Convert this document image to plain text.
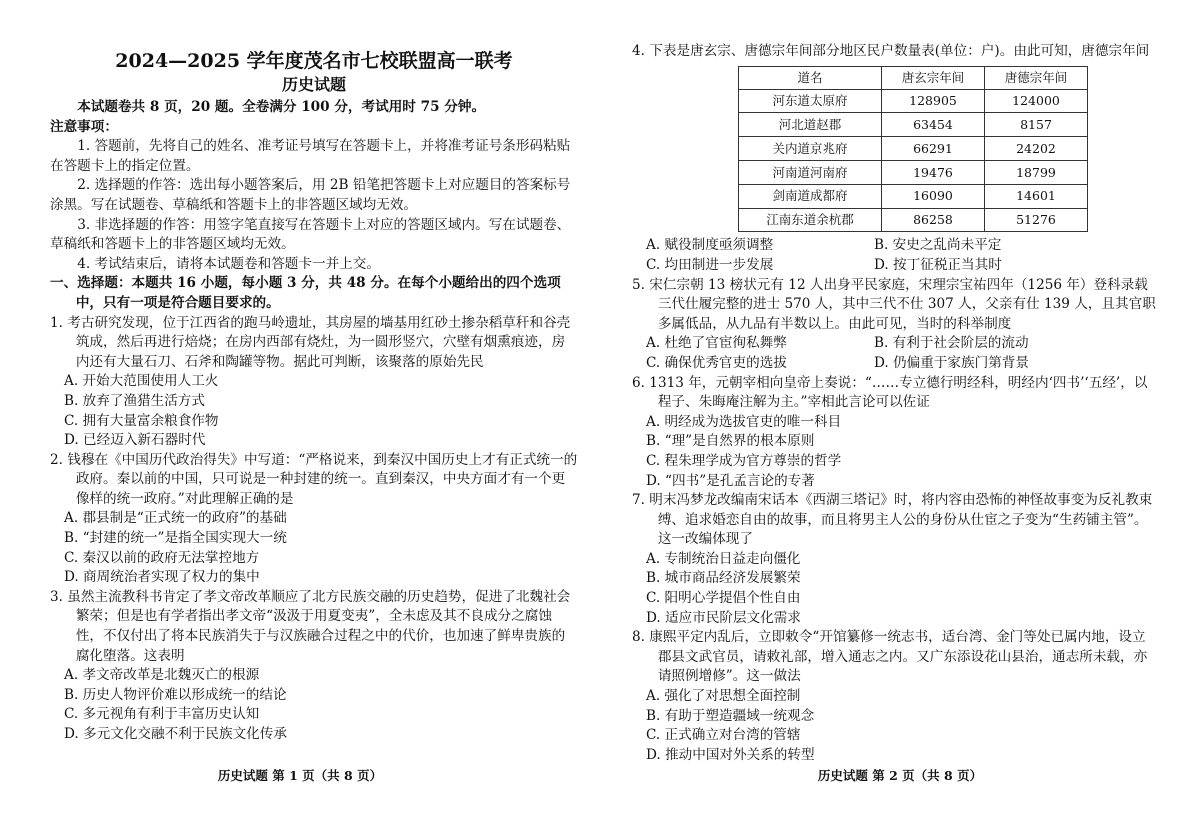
2024—2025 学年度茂名市七校联盟高一联考
历史试题

本试题卷共 8 页，20 题。全卷满分 100 分，考试用时 75 分钟。

注意事项：

1. 答题前，先将自己的姓名、准考证号填写在答题卡上，并将准考证号条形码粘贴在答题卡上的指定位置。

2. 选择题的作答：选出每小题答案后，用 2B 铅笔把答题卡上对应题目的答案标号涂黑。写在试题卷、草稿纸和答题卡上的非答题区域均无效。

3. 非选择题的作答：用签字笔直接写在答题卡上对应的答题区域内。写在试题卷、草稿纸和答题卡上的非答题区域均无效。

4. 考试结束后，请将本试题卷和答题卡一并上交。

一、选择题：本题共 16 小题，每小题 3 分，共 48 分。在每个小题给出的四个选项中，只有一项是符合题目要求的。

1. 考古研究发现，位于江西省的跑马岭遗址，其房屋的墙基用红砂土掺杂稻草秆和谷壳筑成，然后再进行焙烧；在房内西部有烧灶，为一圆形竖穴，穴壁有烟熏痕迹，房内还有大量石刀、石斧和陶罐等物。据此可判断，该聚落的原始先民

A. 开始大范围使用人工火
B. 放弃了渔猎生活方式
C. 拥有大量富余粮食作物
D. 已经迈入新石器时代

2. 钱穆在《中国历代政治得失》中写道：“严格说来，到秦汉中国历史上才有正式统一的政府。秦以前的中国，只可说是一种封建的统一。直到秦汉，中央方面才有一个更像样的统一政府。”对此理解正确的是

A. 郡县制是“正式统一的政府”的基础
B. “封建的统一”是指全国实现大一统
C. 秦汉以前的政府无法掌控地方
D. 商周统治者实现了权力的集中

3. 虽然主流教科书肯定了孝文帝改革顺应了北方民族交融的历史趋势，促进了北魏社会繁荣；但是也有学者指出孝文帝“汲汲于用夏变夷”，全未虑及其不良成分之腐蚀性，不仅付出了将本民族消失于与汉族融合过程之中的代价，也加速了鲜卑贵族的腐化堕落。这表明

A. 孝文帝改革是北魏灭亡的根源
B. 历史人物评价难以形成统一的结论
C. 多元视角有利于丰富历史认知
D. 多元文化交融不利于民族文化传承
历史试题 第 1 页（共 8 页）

4. 下表是唐玄宗、唐德宗年间部分地区民户数量表(单位：户)。由此可知，唐德宗年间

道名	唐玄宗年间	唐德宗年间
河东道太原府	128905	124000
河北道赵郡	63454	8157
关内道京兆府	66291	24202
河南道河南府	19476	18799
剑南道成都府	16090	14601
江南东道余杭郡	86258	51276
A. 赋役制度亟须调整	B. 安史之乱尚未平定
C. 均田制进一步发展	D. 按丁征税正当其时

5. 宋仁宗朝 13 榜状元有 12 人出身平民家庭，宋理宗宝祐四年（1256 年）登科录载三代仕履完整的进士 570 人，其中三代不仕 307 人，父亲有仕 139 人，且其官职多属低品，从九品有半数以上。由此可见，当时的科举制度

A. 杜绝了官宦徇私舞弊	B. 有利于社会阶层的流动
C. 确保优秀官吏的选拔	D. 仍偏重于家族门第背景

6. 1313 年，元朝宰相向皇帝上奏说：“……专立德行明经科，明经内‘四书’‘五经’，以程子、朱晦庵注解为主。”宰相此言论可以佐证

A. 明经成为选拔官吏的唯一科目
B. “理”是自然界的根本原则
C. 程朱理学成为官方尊崇的哲学
D. “四书”是孔孟言论的专著

7. 明末冯梦龙改编南宋话本《西湖三塔记》时，将内容由恐怖的神怪故事变为反礼教束缚、追求婚恋自由的故事，而且将男主人公的身份从仕宦之子变为“生药铺主管”。这一改编体现了

A. 专制统治日益走向僵化
B. 城市商品经济发展繁荣
C. 阳明心学提倡个性自由
D. 适应市民阶层文化需求

8. 康熙平定内乱后，立即敕令“开馆纂修一统志书，适台湾、金门等处已属内地，设立郡县文武官员，请敕礼部，增入通志之内。又广东添设花山县治，通志所未载，亦请照例增修”。这一做法

A. 强化了对思想全面控制
B. 有助于塑造疆域一统观念
C. 正式确立对台湾的管辖
D. 推动中国对外关系的转型
历史试题 第 2 页（共 8 页）
